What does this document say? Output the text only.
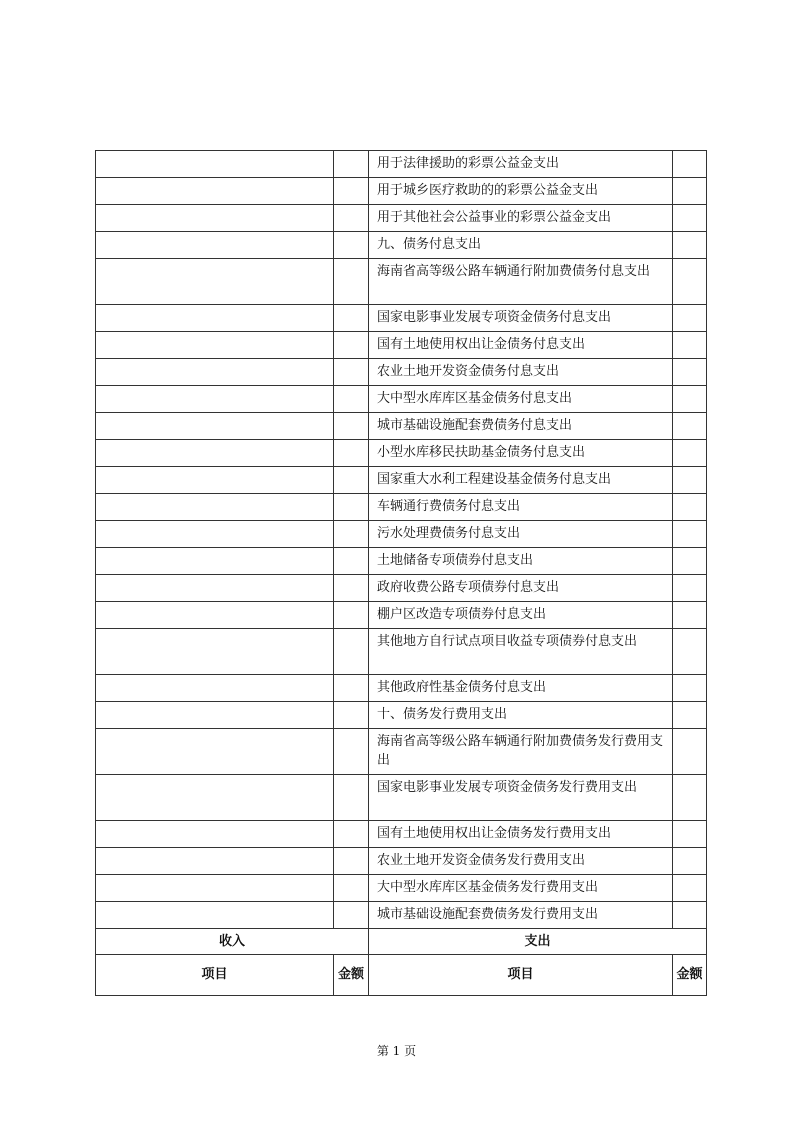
		用于法律援助的彩票公益金支出	
		用于城乡医疗救助的的彩票公益金支出	
		用于其他社会公益事业的彩票公益金支出	
		九、债务付息支出	
		海南省高等级公路车辆通行附加费债务付息支出	
		国家电影事业发展专项资金债务付息支出	
		国有土地使用权出让金债务付息支出	
		农业土地开发资金债务付息支出	
		大中型水库库区基金债务付息支出	
		城市基础设施配套费债务付息支出	
		小型水库移民扶助基金债务付息支出	
		国家重大水利工程建设基金债务付息支出	
		车辆通行费债务付息支出	
		污水处理费债务付息支出	
		土地储备专项债券付息支出	
		政府收费公路专项债券付息支出	
		棚户区改造专项债券付息支出	
		其他地方自行试点项目收益专项债券付息支出	
		其他政府性基金债务付息支出	
		十、债务发行费用支出	
		海南省高等级公路车辆通行附加费债务发行费用支出	
		国家电影事业发展专项资金债务发行费用支出	
		国有土地使用权出让金债务发行费用支出	
		农业土地开发资金债务发行费用支出	
		大中型水库库区基金债务发行费用支出	
		城市基础设施配套费债务发行费用支出	
收入		支出	
项目	金额	项目	金额
第 1 页
